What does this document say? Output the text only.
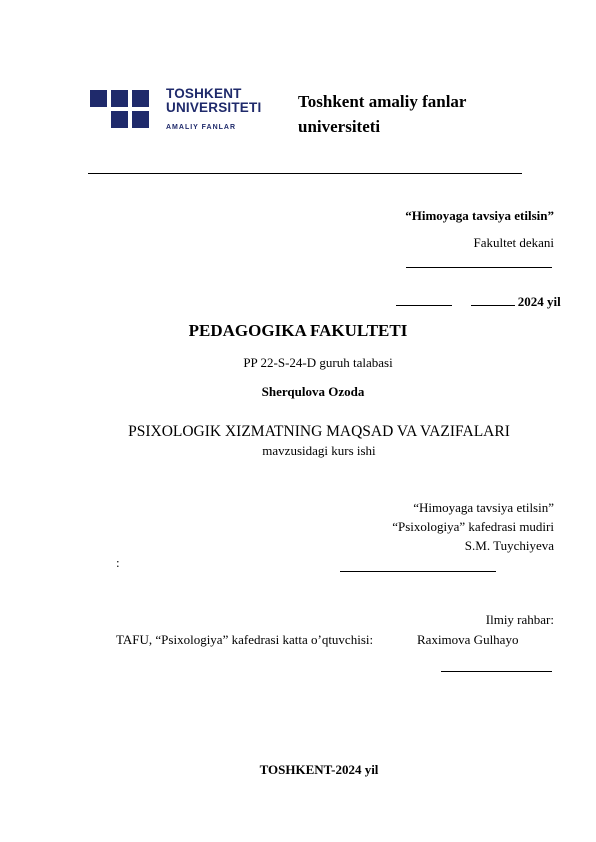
TOSHKENT
UNIVERSITETI
AMALIY FANLAR
Toshkent amaliy fanlar universiteti
“Himoyaga tavsiya etilsin”
Fakultet dekani
2024 yil
PEDAGOGIKA FAKULTETI
PP 22-S-24-D guruh talabasi
Sherqulova Ozoda
PSIXOLOGIK XIZMATNING MAQSAD VA VAZIFALARI
mavzusidagi kurs ishi
“Himoyaga tavsiya etilsin”
“Psixologiya” kafedrasi mudiri
S.M. Tuychiyeva
:
Ilmiy rahbar:
TAFU, “Psixologiya” kafedrasi katta o’qtuvchisi:	Raximova Gulhayo
TOSHKENT-2024 yil
